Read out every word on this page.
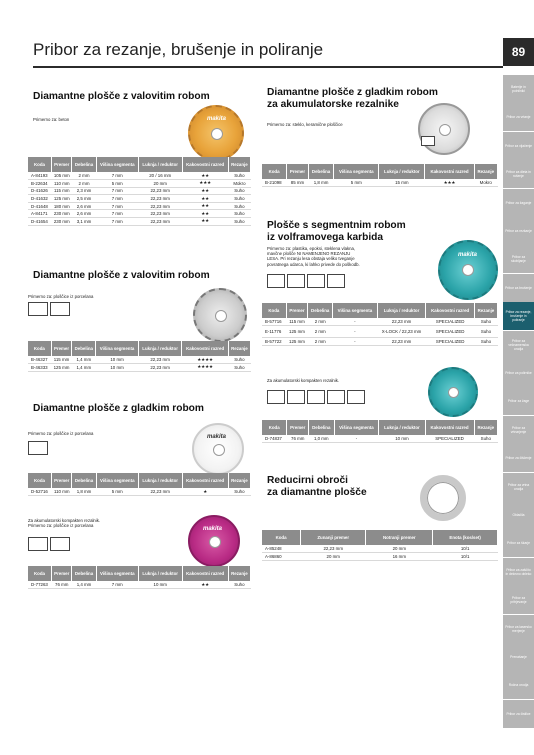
Pribor za rezanje, brušenje in poliranje	89
Diamantne plošče z valovitim robom
Primerno za: beton	makita
Koda	Premer	Debelina	Višina segmenta	Luknja / reduktor	Kakovostni razred	Rezanje
A-84193	105 mm	2 mm	7 mm	20 / 16 mm	★★	Suho
B-22634	110 mm	2 mm	5 mm	20 mm	★★★	Mokro
D-41626	115 mm	2,3 mm	7 mm	22,23 mm	★★	Suho
D-41632	125 mm	2,5 mm	7 mm	22,23 mm	★★	Suho
D-41648	180 mm	2,6 mm	7 mm	22,23 mm	★★	Suho
A-84171	230 mm	2,6 mm	7 mm	22,23 mm	★★	Suho
D-41654	230 mm	3,1 mm	7 mm	22,23 mm	★★	Suho
Diamantne plošče z valovitim robom
Primerno za: ploščice iz porcelana
Koda	Premer	Debelina	Višina segmenta	Luknja / reduktor	Kakovostni razred	Rezanje
B-46327	115 mm	1,4 mm	10 mm	22,23 mm	★★★★	Suho
B-46333	125 mm	1,4 mm	10 mm	22,23 mm	★★★★	Suho
Diamantne plošče z gladkim robom
Primerno za: ploščice iz porcelana
makita
Koda	Premer	Debelina	Višina segmenta	Luknja / reduktor	Kakovostni razred	Rezanje
D-52716	110 mm	1,8 mm	5 mm	22,23 mm	★	Suho
Za akumulatorski kompakten rezalnik.
Primerno za: ploščice iz porcelana
makita
Koda	Premer	Debelina	Višina segmenta	Luknja / reduktor	Kakovostni razred	Rezanje
D-77263	76 mm	1,4 mm	7 mm	10 mm	★★	Suho
Diamantne plošče z gladkim robom
za akumulatorske rezalnike
Primerno za: steklo, keramične ploščice
Koda	Premer	Debelina	Višina segmenta	Luknja / reduktor	Kakovostni razred	Rezanje
B-21098	85 mm	1,8 mm	5 mm	15 mm	★★★	Mokro
Plošče s segmentnim robom
iz volframovega karbida
Primerno za: plastika, epoksi, steklena vlakna,
mavčne plošče NI NAMENJENO REZANJU
LESA. Pri rezanju lesa obstaja veliko tveganje
povratnega udarca, ki lahko privede do poškodb.
makita
Koda	Premer	Debelina	Višina segmenta	Luknja / reduktor	Kakovostni razred	Rezanje
B-57716	115 mm	2 mm	-	22,23 mm	SPECIALIZED	Suho
E-11776	125 mm	2 mm	-	X-LOCK / 22,23 mm	SPECIALIZED	Suho
B-57722	125 mm	2 mm	-	22,23 mm	SPECIALIZED	Suho
Za akumulatorski kompakten rezalnik.
Koda	Premer	Debelina	Višina segmenta	Luknja / reduktor	Kakovostni razred	Rezanje
D-74837	76 mm	1,0 mm	-	10 mm	SPECIALIZED	Suho
Reducirni obroči
za diamantne plošče
Koda	Zunanji premer	Notranji premer	Enota (kos/set)
A-85248	22,23 mm	20 mm	10/1
A-86860	20 mm	16 mm	10/1
Baterije in polnilniki
Pribor za vrtanje
Pribor za vijačenje
Pribor za dleta in rušenje
Pribor za žaganje
Pribor za rezkanje
Pribor za skobljanje
Pribor za brušenje
Pribor za rezanje, brušenje in poliranje
Pribor za večnamenska orodja
Pribor za polirnike
Pribor za žage
Pribor za vrtnarjenje
Pribor za čiščenje
Pribor za vrtna orodja
Oblačila
Pribor za škarje
Pribor za zaščito in delovno obleko
Pribor za pritrjevanje
Pribor za lasersko merjenje
Prenašanje
Ročna orodja
Pribor za čistilce
